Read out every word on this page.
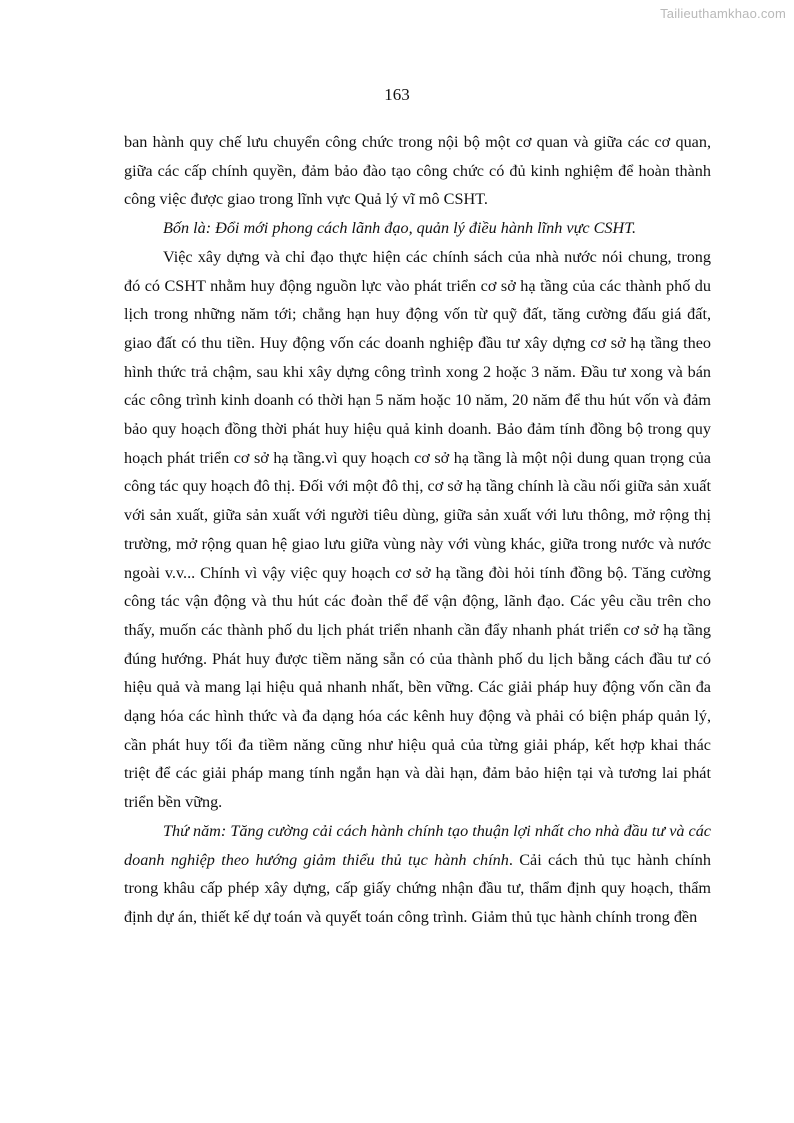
Tailieuthamkhao.com
163

ban hành quy chế lưu chuyển công chức trong nội bộ một cơ quan và giữa các cơ quan, giữa các cấp chính quyền, đảm bảo đào tạo công chức có đủ kinh nghiệm để hoàn thành công việc được giao trong lĩnh vực Quả lý vĩ mô CSHT.

Bốn là: Đổi mới phong cách lãnh đạo, quản lý điều hành lĩnh vực CSHT.

Việc xây dựng và chỉ đạo thực hiện các chính sách của nhà nước nói chung, trong đó có CSHT nhằm huy động nguồn lực vào phát triển cơ sở hạ tầng của các thành phố du lịch trong những năm tới; chẳng hạn huy động vốn từ quỹ đất, tăng cường đấu giá đất, giao đất có thu tiền. Huy động vốn các doanh nghiệp đầu tư xây dựng cơ sở hạ tầng theo hình thức trả chậm, sau khi xây dựng công trình xong 2 hoặc 3 năm. Đầu tư xong và bán các công trình kinh doanh có thời hạn 5 năm hoặc 10 năm, 20 năm để thu hút vốn và đảm bảo quy hoạch đồng thời phát huy hiệu quả kinh doanh. Bảo đảm tính đồng bộ trong quy hoạch phát triển cơ sở hạ tầng.vì quy hoạch cơ sở hạ tầng là một nội dung quan trọng của công tác quy hoạch đô thị. Đối với một đô thị, cơ sở hạ tầng chính là cầu nối giữa sản xuất với sản xuất, giữa sản xuất với người tiêu dùng, giữa sản xuất với lưu thông, mở rộng thị trường, mở rộng quan hệ giao lưu giữa vùng này với vùng khác, giữa trong nước và nước ngoài v.v... Chính vì vậy việc quy hoạch cơ sở hạ tầng đòi hỏi tính đồng bộ. Tăng cường công tác vận động và thu hút các đoàn thể để vận động, lãnh đạo. Các yêu cầu trên cho thấy, muốn các thành phố du lịch phát triển nhanh cần đẩy nhanh phát triển cơ sở hạ tầng đúng hướng. Phát huy được tiềm năng sẵn có của thành phố du lịch bằng cách đầu tư có hiệu quả và mang lại hiệu quả nhanh nhất, bền vững. Các giải pháp huy động vốn cần đa dạng hóa các hình thức và đa dạng hóa các kênh huy động và phải có biện pháp quản lý, cần phát huy tối đa tiềm năng cũng như hiệu quả của từng giải pháp, kết hợp khai thác triệt để các giải pháp mang tính ngắn hạn và dài hạn, đảm bảo hiện tại và tương lai phát triển bền vững.

Thứ năm: Tăng cường cải cách hành chính tạo thuận lợi nhất cho nhà đầu tư và các doanh nghiệp theo hướng giảm thiểu thủ tục hành chính. Cải cách thủ tục hành chính trong khâu cấp phép xây dựng, cấp giấy chứng nhận đầu tư, thẩm định quy hoạch, thẩm định dự án, thiết kế dự toán và quyết toán công trình. Giảm thủ tục hành chính trong đền
